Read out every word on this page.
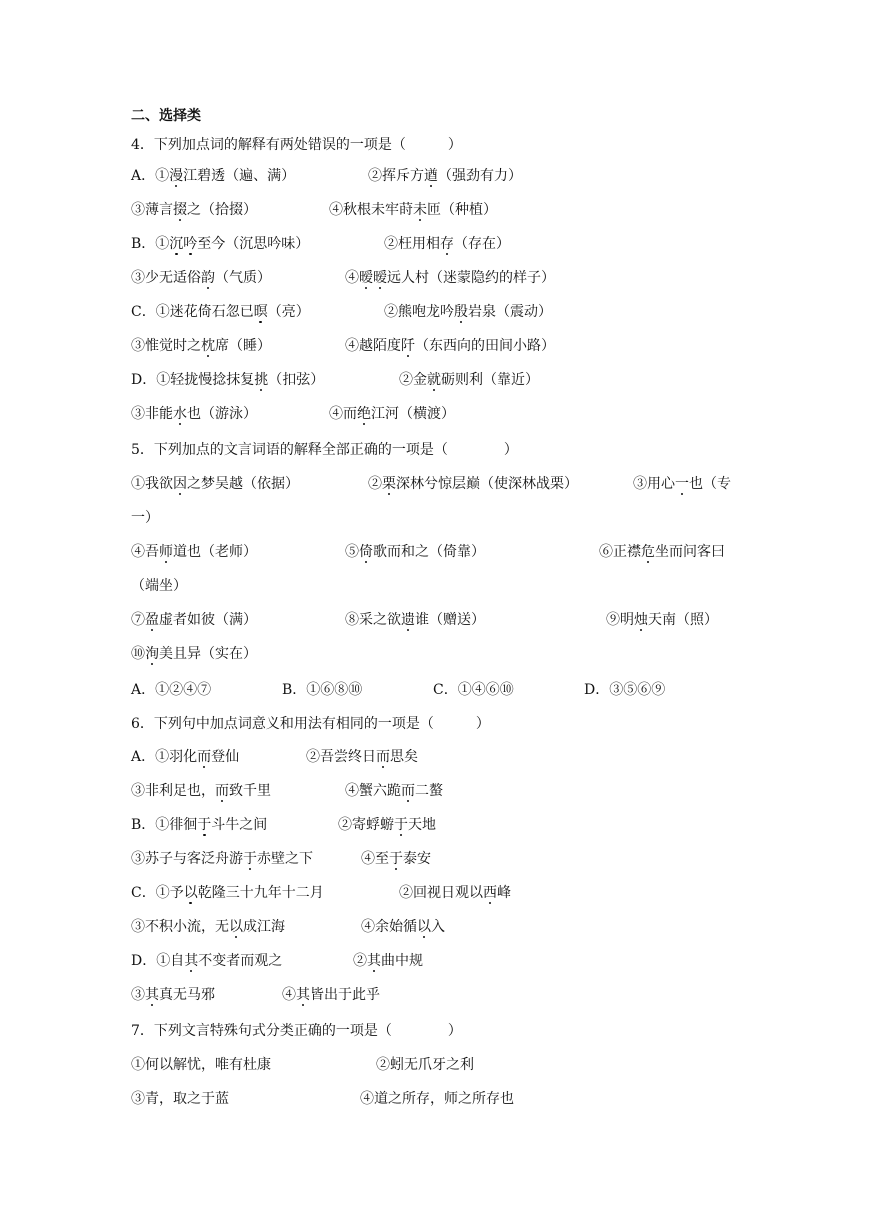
二、选择类
4．下列加点词的解释有两处错误的一项是（　　　）
A．①漫江碧透（遍、满）	②挥斥方遒（强劲有力）
③薄言掇之（拾掇）	④秋根未牢莳未匝（种植）
B．①沉吟至今（沉思吟味）	②枉用相存（存在）
③少无适俗韵（气质）	④暧暧远人村（迷蒙隐约的样子）
C．①迷花倚石忽已暝（亮）	②熊咆龙吟殷岩泉（震动）
③惟觉时之枕席（睡）	④越陌度阡（东西向的田间小路）
D．①轻拢慢捻抹复挑（扣弦）	②金就砺则利（靠近）
③非能水也（游泳）	④而绝江河（横渡）
5．下列加点的文言词语的解释全部正确的一项是（　　　　）
①我欲因之梦吴越（依据）	②栗深林兮惊层巅（使深林战栗）	③用心一也（专
一）
④吾师道也（老师）	⑤倚歌而和之（倚靠）	⑥正襟危坐而问客曰
（端坐）
⑦盈虚者如彼（满）	⑧采之欲遗谁（赠送）	⑨明烛天南（照）
⑩洵美且异（实在）
A．①②④⑦	B．①⑥⑧⑩	C．①④⑥⑩	D．③⑤⑥⑨
6．下列句中加点词意义和用法有相同的一项是（　　　）
A．①羽化而登仙	②吾尝终日而思矣
③非利足也，而致千里	④蟹六跪而二螯
B．①徘徊于斗牛之间	②寄蜉蝣于天地
③苏子与客泛舟游于赤壁之下	④至于泰安
C．①予以乾隆三十九年十二月	②回视日观以西峰
③不积小流，无以成江海	④余始循以入
D．①自其不变者而观之	②其曲中规
③其真无马邪	④其皆出于此乎
7．下列文言特殊句式分类正确的一项是（　　　　）
①何以解忧，唯有杜康	②蚓无爪牙之利
③青，取之于蓝	④道之所存，师之所存也
